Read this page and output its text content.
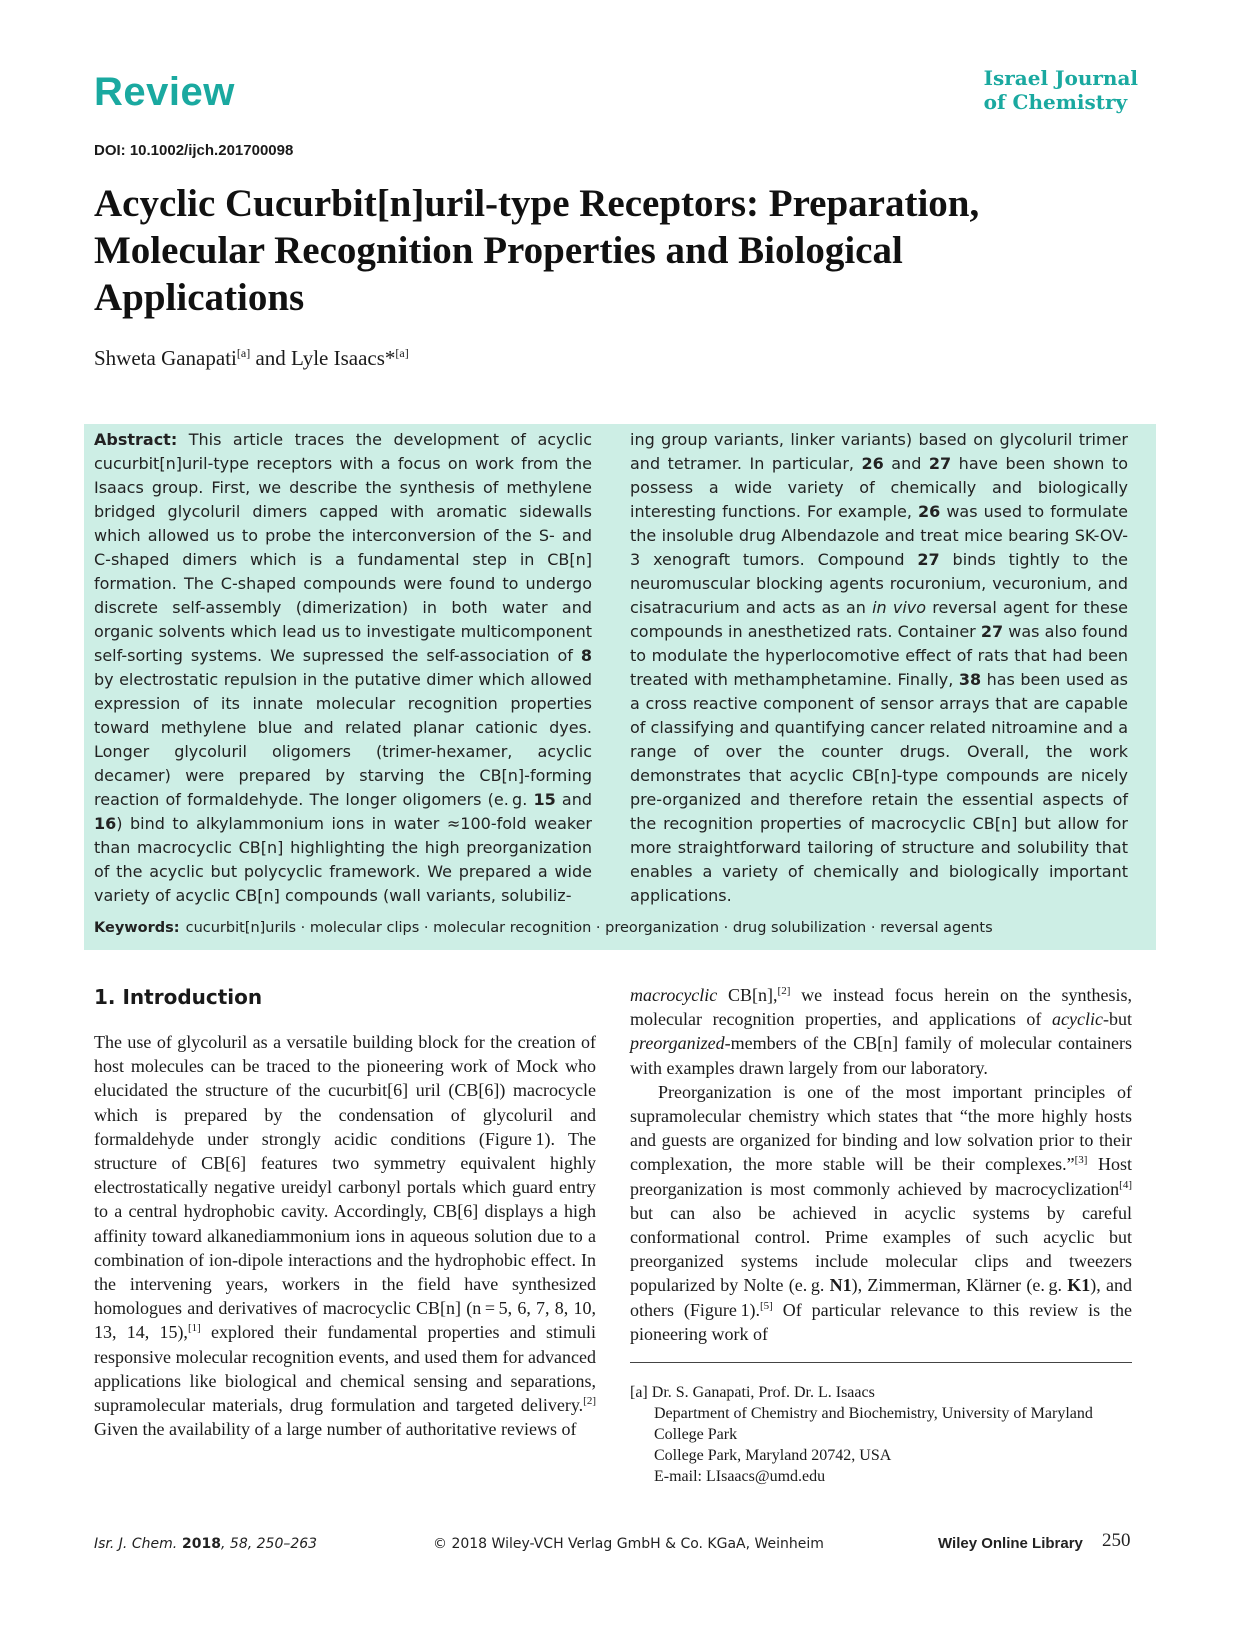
Review	Israel Journal
of Chemistry
DOI: 10.1002/ijch.201700098
Acyclic Cucurbit[n]uril-type Receptors: Preparation, Molecular Recognition Properties and Biological Applications
Shweta Ganapati[a] and Lyle Isaacs*[a]
Abstract: This article traces the development of acyclic cucurbit[n]uril-type receptors with a focus on work from the Isaacs group. First, we describe the synthesis of methylene bridged glycoluril dimers capped with aromatic sidewalls which allowed us to probe the interconversion of the S- and C-shaped dimers which is a fundamental step in CB[n] formation. The C-shaped compounds were found to undergo discrete self-assembly (dimerization) in both water and organic solvents which lead us to investigate multicomponent self-sorting systems. We supressed the self-association of 8 by electrostatic repulsion in the putative dimer which allowed expression of its innate molecular recognition properties toward methylene blue and related planar cationic dyes. Longer glycoluril oligomers (trimer-hexamer, acyclic decamer) were prepared by starving the CB[n]-forming reaction of formaldehyde. The longer oligomers (e. g. 15 and 16) bind to alkylammonium ions in water ≈100-fold weaker than macrocyclic CB[n] highlighting the high preorganization of the acyclic but polycyclic framework. We prepared a wide variety of acyclic CB[n] compounds (wall variants, solubiliz-
ing group variants, linker variants) based on glycoluril trimer and tetramer. In particular, 26 and 27 have been shown to possess a wide variety of chemically and biologically interesting functions. For example, 26 was used to formulate the insoluble drug Albendazole and treat mice bearing SK-OV-3 xenograft tumors. Compound 27 binds tightly to the neuromuscular blocking agents rocuronium, vecuronium, and cisatracurium and acts as an in vivo reversal agent for these compounds in anesthetized rats. Container 27 was also found to modulate the hyperlocomotive effect of rats that had been treated with methamphetamine. Finally, 38 has been used as a cross reactive component of sensor arrays that are capable of classifying and quantifying cancer related nitroamine and a range of over the counter drugs. Overall, the work demonstrates that acyclic CB[n]-type compounds are nicely pre-organized and therefore retain the essential aspects of the recognition properties of macrocyclic CB[n] but allow for more straightforward tailoring of structure and solubility that enables a variety of chemically and biologically important applications.
Keywords: cucurbit[n]urils · molecular clips · molecular recognition · preorganization · drug solubilization · reversal agents
1. Introduction

The use of glycoluril as a versatile building block for the creation of host molecules can be traced to the pioneering work of Mock who elucidated the structure of the cucurbit[6] uril (CB[6]) macrocycle which is prepared by the condensation of glycoluril and formaldehyde under strongly acidic conditions (Figure 1). The structure of CB[6] features two symmetry equivalent highly electrostatically negative ureidyl carbonyl portals which guard entry to a central hydrophobic cavity. Accordingly, CB[6] displays a high affinity toward alkanediammonium ions in aqueous solution due to a combination of ion-dipole interactions and the hydrophobic effect. In the intervening years, workers in the field have synthesized homologues and derivatives of macrocyclic CB[n] (n = 5, 6, 7, 8, 10, 13, 14, 15),[1] explored their fundamental properties and stimuli responsive molecular recognition events, and used them for advanced applications like biological and chemical sensing and separations, supramolecular materials, drug formulation and targeted delivery.[2] Given the availability of a large number of authoritative reviews of

macrocyclic CB[n],[2] we instead focus herein on the synthesis, molecular recognition properties, and applications of acyclic-but preorganized-members of the CB[n] family of molecular containers with examples drawn largely from our laboratory.

Preorganization is one of the most important principles of supramolecular chemistry which states that “the more highly hosts and guests are organized for binding and low solvation prior to their complexation, the more stable will be their complexes.”[3] Host preorganization is most commonly achieved by macrocyclization[4] but can also be achieved in acyclic systems by careful conformational control. Prime examples of such acyclic but preorganized systems include molecular clips and tweezers popularized by Nolte (e. g. N1), Zimmerman, Klärner (e. g. K1), and others (Figure 1).[5] Of particular relevance to this review is the pioneering work of

[a] Dr. S. Ganapati, Prof. Dr. L. Isaacs
Department of Chemistry and Biochemistry, University of Maryland College Park
College Park, Maryland 20742, USA
E-mail: LIsaacs@umd.edu
Isr. J. Chem. 2018, 58, 250–263	© 2018 Wiley-VCH Verlag GmbH & Co. KGaA, Weinheim	Wiley Online Library 250
